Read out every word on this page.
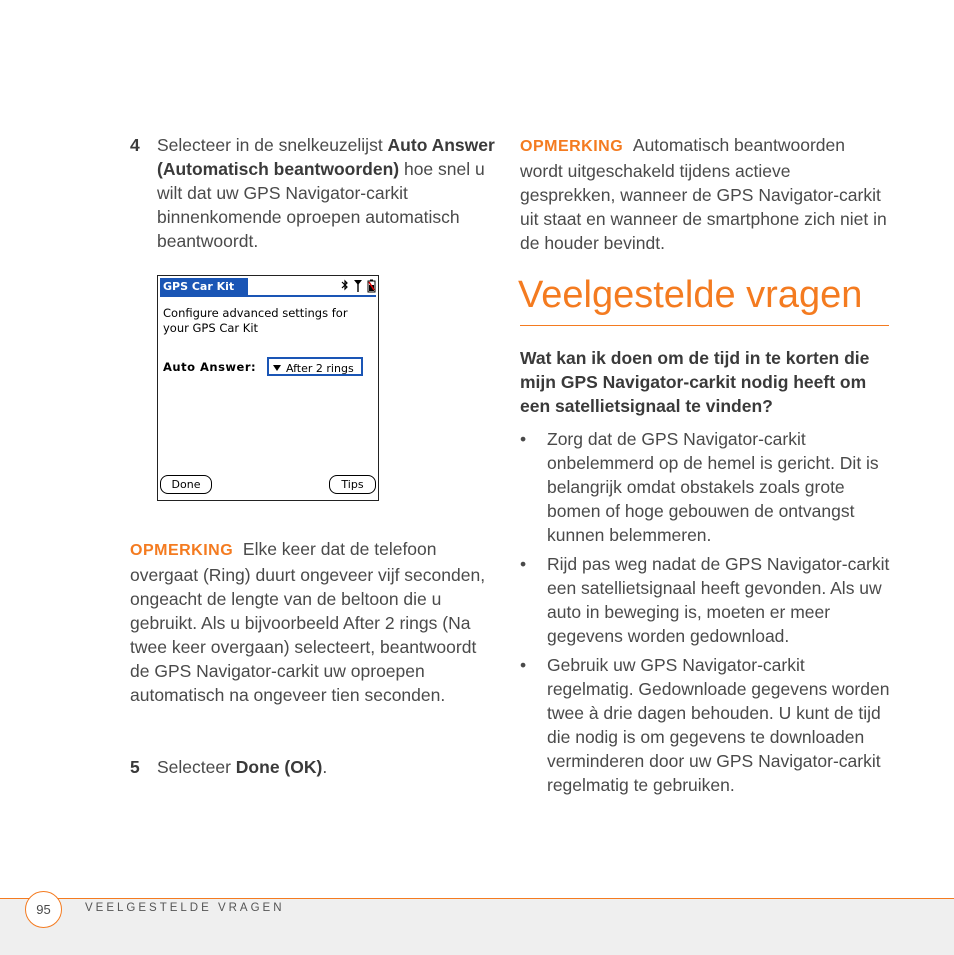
4 Selecteer in de snelkeuzelijst Auto Answer (Automatisch beantwoorden) hoe snel u wilt dat uw GPS Navigator-carkit binnenkomende oproepen automatisch beantwoordt.
GPS Car Kit
Configure advanced settings for your GPS Car Kit
Auto Answer:	After 2 rings
Done	Tips
OPMERKING Elke keer dat de telefoon overgaat (Ring) duurt ongeveer vijf seconden, ongeacht de lengte van de beltoon die u gebruikt. Als u bijvoorbeeld After 2 rings (Na twee keer overgaan) selecteert, beantwoordt de GPS Navigator-carkit uw oproepen automatisch na ongeveer tien seconden.
5 Selecteer Done (OK).
OPMERKING Automatisch beantwoorden wordt uitgeschakeld tijdens actieve gesprekken, wanneer de GPS Navigator-carkit uit staat en wanneer de smartphone zich niet in de houder bevindt.
Veelgestelde vragen
Wat kan ik doen om de tijd in te korten die mijn GPS Navigator-carkit nodig heeft om een satellietsignaal te vinden?
• Zorg dat de GPS Navigator-carkit onbelemmerd op de hemel is gericht. Dit is belangrijk omdat obstakels zoals grote bomen of hoge gebouwen de ontvangst kunnen belemmeren.
• Rijd pas weg nadat de GPS Navigator-carkit een satellietsignaal heeft gevonden. Als uw auto in beweging is, moeten er meer gegevens worden gedownload.
• Gebruik uw GPS Navigator-carkit regelmatig. Gedownloade gegevens worden twee à drie dagen behouden. U kunt de tijd die nodig is om gegevens te downloaden verminderen door uw GPS Navigator-carkit regelmatig te gebruiken.
95	VEELGESTELDE VRAGEN
